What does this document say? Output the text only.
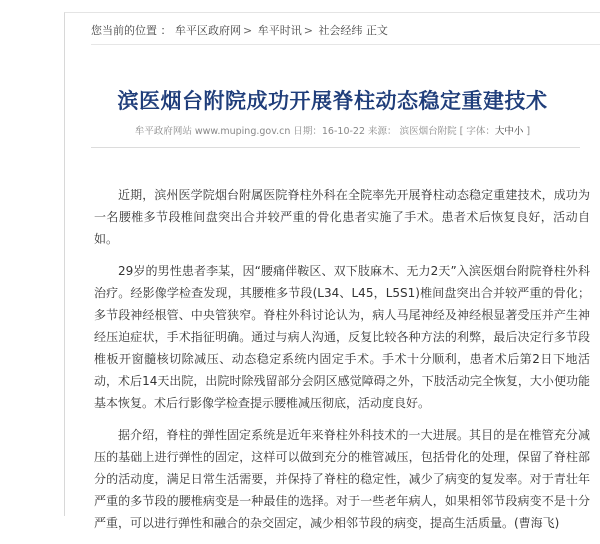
您当前的位置 ： 牟平区政府网 > 牟平时讯 > 社会经纬 正文
滨医烟台附院成功开展脊柱动态稳定重建技术
牟平政府网站 www.muping.gov.cn 日期：16-10-22 来源： 滨医烟台附院 [ 字体：大中小 ]

近期，滨州医学院烟台附属医院脊柱外科在全院率先开展脊柱动态稳定重建技术，成功为一名腰椎多节段椎间盘突出合并较严重的骨化患者实施了手术。患者术后恢复良好，活动自如。

29岁的男性患者李某，因“腰痛伴鞍区、双下肢麻木、无力2天”入滨医烟台附院脊柱外科治疗。经影像学检查发现，其腰椎多节段(L34、L45，L5S1)椎间盘突出合并较严重的骨化；多节段神经根管、中央管狭窄。脊柱外科讨论认为，病人马尾神经及神经根显著受压并产生神经压迫症状，手术指征明确。通过与病人沟通，反复比较各种方法的利弊，最后决定行多节段椎板开窗髓核切除减压、动态稳定系统内固定手术。手术十分顺利，患者术后第2日下地活动，术后14天出院，出院时除残留部分会阴区感觉障碍之外，下肢活动完全恢复，大小便功能基本恢复。术后行影像学检查提示腰椎减压彻底，活动度良好。

据介绍，脊柱的弹性固定系统是近年来脊柱外科技术的一大进展。其目的是在椎管充分减压的基础上进行弹性的固定，这样可以做到充分的椎管减压，包括骨化的处理，保留了脊柱部分的活动度，满足日常生活需要，并保持了脊柱的稳定性，减少了病变的复发率。对于青壮年严重的多节段的腰椎病变是一种最佳的选择。对于一些老年病人，如果相邻节段病变不是十分严重，可以进行弹性和融合的杂交固定，减少相邻节段的病变，提高生活质量。(曹海飞)
